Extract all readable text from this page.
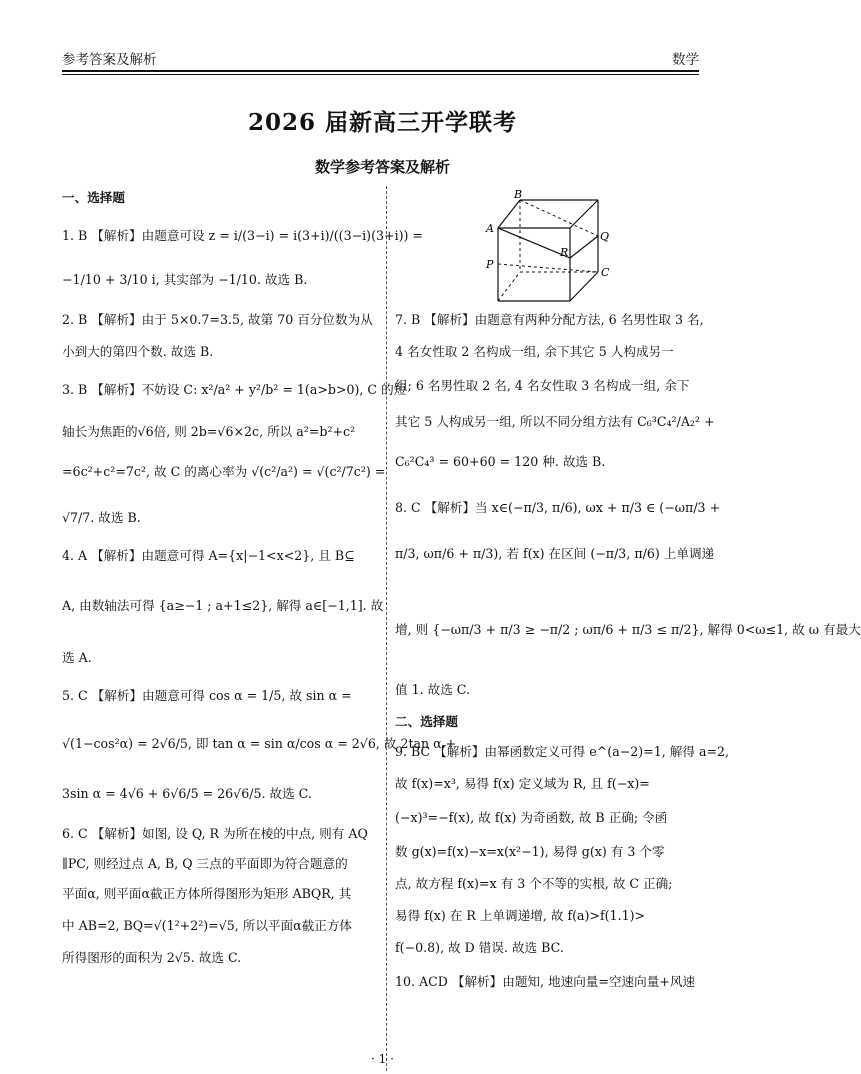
参考答案及解析	数学
2026 届新高三开学联考
数学参考答案及解析
一、选择题
1. B 【解析】由题意可设 z = i/(3−i) = i(3+i)/((3−i)(3+i)) =
−1/10 + 3/10 i, 其实部为 −1/10. 故选 B.
2. B 【解析】由于 5×0.7=3.5, 故第 70 百分位数为从
小到大的第四个数. 故选 B.
3. B 【解析】不妨设 C: x²/a² + y²/b² = 1(a>b>0), C 的短
轴长为焦距的√6倍, 则 2b=√6×2c, 所以 a²=b²+c²
=6c²+c²=7c², 故 C 的离心率为 √(c²/a²) = √(c²/7c²) =
√7/7. 故选 B.
4. A 【解析】由题意可得 A={x|−1<x<2}, 且 B⊆
A, 由数轴法可得 {a≥−1 ; a+1≤2}, 解得 a∈[−1,1]. 故
选 A.
5. C 【解析】由题意可得 cos α = 1/5, 故 sin α =
√(1−cos²α) = 2√6/5, 即 tan α = sin α/cos α = 2√6, 故 2tan α +
3sin α = 4√6 + 6√6/5 = 26√6/5. 故选 C.
6. C 【解析】如图, 设 Q, R 为所在棱的中点, 则有 AQ
∥PC, 则经过点 A, B, Q 三点的平面即为符合题意的
平面α, 则平面α截正方体所得图形为矩形 ABQR, 其
中 AB=2, BQ=√(1²+2²)=√5, 所以平面α截正方体
所得图形的面积为 2√5. 故选 C.
B
A
Q
R
P
C
7. B 【解析】由题意有两种分配方法, 6 名男性取 3 名,
4 名女性取 2 名构成一组, 余下其它 5 人构成另一
组; 6 名男性取 2 名, 4 名女性取 3 名构成一组, 余下
其它 5 人构成另一组, 所以不同分组方法有 C₆³C₄²/A₂² +
C₆²C₄³ = 60+60 = 120 种. 故选 B.
8. C 【解析】当 x∈(−π/3, π/6), ωx + π/3 ∈ (−ωπ/3 +
π/3, ωπ/6 + π/3), 若 f(x) 在区间 (−π/3, π/6) 上单调递
增, 则 {−ωπ/3 + π/3 ≥ −π/2 ; ωπ/6 + π/3 ≤ π/2}, 解得 0<ω≤1, 故 ω 有最大
值 1. 故选 C.
二、选择题
9. BC 【解析】由幂函数定义可得 e^(a−2)=1, 解得 a=2,
故 f(x)=x³, 易得 f(x) 定义域为 R, 且 f(−x)=
(−x)³=−f(x), 故 f(x) 为奇函数, 故 B 正确; 令函
数 g(x)=f(x)−x=x(x²−1), 易得 g(x) 有 3 个零
点, 故方程 f(x)=x 有 3 个不等的实根, 故 C 正确;
易得 f(x) 在 R 上单调递增, 故 f(a)>f(1.1)>
f(−0.8), 故 D 错误. 故选 BC.
10. ACD 【解析】由题知, 地速向量=空速向量+风速
· 1 ·
